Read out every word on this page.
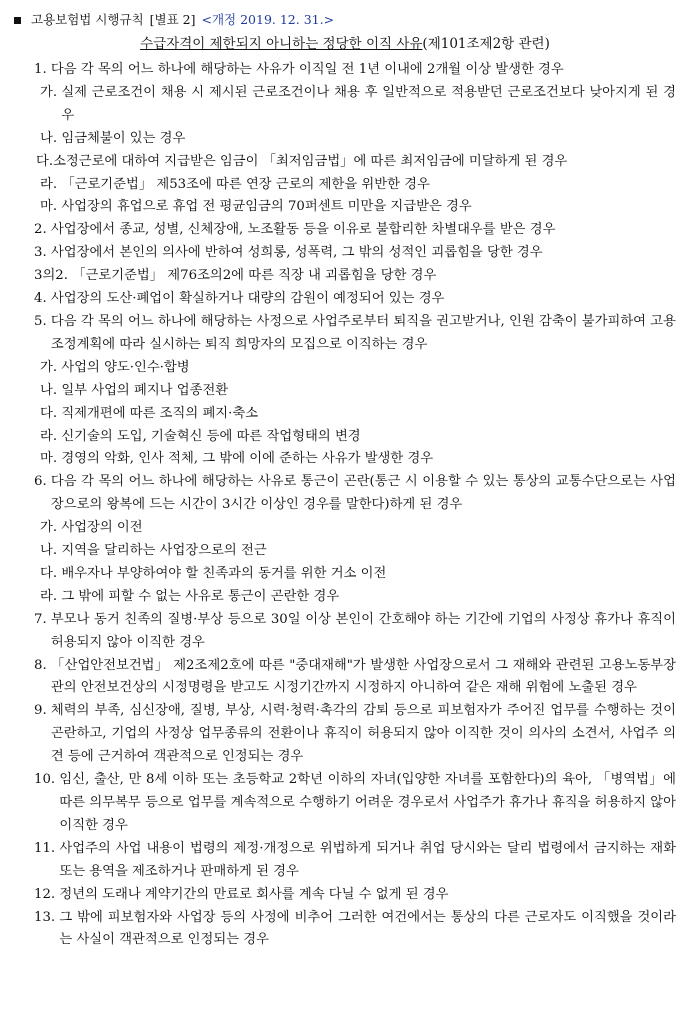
고용보험법 시행규칙 [별표 2] <개정 2019. 12. 31.>
수급자격이 제한되지 아니하는 정당한 이직 사유(제101조제2항 관련)
1. 다음 각 목의 어느 하나에 해당하는 사유가 이직일 전 1년 이내에 2개월 이상 발생한 경우
가. 실제 근로조건이 채용 시 제시된 근로조건이나 채용 후 일반적으로 적용받던 근로조건보다 낮아지게 된 경우
나. 임금체불이 있는 경우
다. 소정근로에 대하여 지급받은 임금이 「최저임금법」에 따른 최저임금에 미달하게 된 경우
라. 「근로기준법」 제53조에 따른 연장 근로의 제한을 위반한 경우
마. 사업장의 휴업으로 휴업 전 평균임금의 70퍼센트 미만을 지급받은 경우
2. 사업장에서 종교, 성별, 신체장애, 노조활동 등을 이유로 불합리한 차별대우를 받은 경우
3. 사업장에서 본인의 의사에 반하여 성희롱, 성폭력, 그 밖의 성적인 괴롭힘을 당한 경우
3의2. 「근로기준법」 제76조의2에 따른 직장 내 괴롭힘을 당한 경우
4. 사업장의 도산·폐업이 확실하거나 대량의 감원이 예정되어 있는 경우
5. 다음 각 목의 어느 하나에 해당하는 사정으로 사업주로부터 퇴직을 권고받거나, 인원 감축이 불가피하여 고용조정계획에 따라 실시하는 퇴직 희망자의 모집으로 이직하는 경우
가. 사업의 양도·인수·합병
나. 일부 사업의 폐지나 업종전환
다. 직제개편에 따른 조직의 폐지·축소
라. 신기술의 도입, 기술혁신 등에 따른 작업형태의 변경
마. 경영의 악화, 인사 적체, 그 밖에 이에 준하는 사유가 발생한 경우
6. 다음 각 목의 어느 하나에 해당하는 사유로 통근이 곤란(통근 시 이용할 수 있는 통상의 교통수단으로는 사업장으로의 왕복에 드는 시간이 3시간 이상인 경우를 말한다)하게 된 경우
가. 사업장의 이전
나. 지역을 달리하는 사업장으로의 전근
다. 배우자나 부양하여야 할 친족과의 동거를 위한 거소 이전
라. 그 밖에 피할 수 없는 사유로 통근이 곤란한 경우
7. 부모나 동거 친족의 질병·부상 등으로 30일 이상 본인이 간호해야 하는 기간에 기업의 사정상 휴가나 휴직이 허용되지 않아 이직한 경우
8. 「산업안전보건법」 제2조제2호에 따른 "중대재해"가 발생한 사업장으로서 그 재해와 관련된 고용노동부장관의 안전보건상의 시정명령을 받고도 시정기간까지 시정하지 아니하여 같은 재해 위험에 노출된 경우
9. 체력의 부족, 심신장애, 질병, 부상, 시력·청력·촉각의 감퇴 등으로 피보험자가 주어진 업무를 수행하는 것이 곤란하고, 기업의 사정상 업무종류의 전환이나 휴직이 허용되지 않아 이직한 것이 의사의 소견서, 사업주 의견 등에 근거하여 객관적으로 인정되는 경우
10. 임신, 출산, 만 8세 이하 또는 초등학교 2학년 이하의 자녀(입양한 자녀를 포함한다)의 육아, 「병역법」에 따른 의무복무 등으로 업무를 계속적으로 수행하기 어려운 경우로서 사업주가 휴가나 휴직을 허용하지 않아 이직한 경우
11. 사업주의 사업 내용이 법령의 제정·개정으로 위법하게 되거나 취업 당시와는 달리 법령에서 금지하는 재화 또는 용역을 제조하거나 판매하게 된 경우
12. 정년의 도래나 계약기간의 만료로 회사를 계속 다닐 수 없게 된 경우
13. 그 밖에 피보험자와 사업장 등의 사정에 비추어 그러한 여건에서는 통상의 다른 근로자도 이직했을 것이라는 사실이 객관적으로 인정되는 경우
